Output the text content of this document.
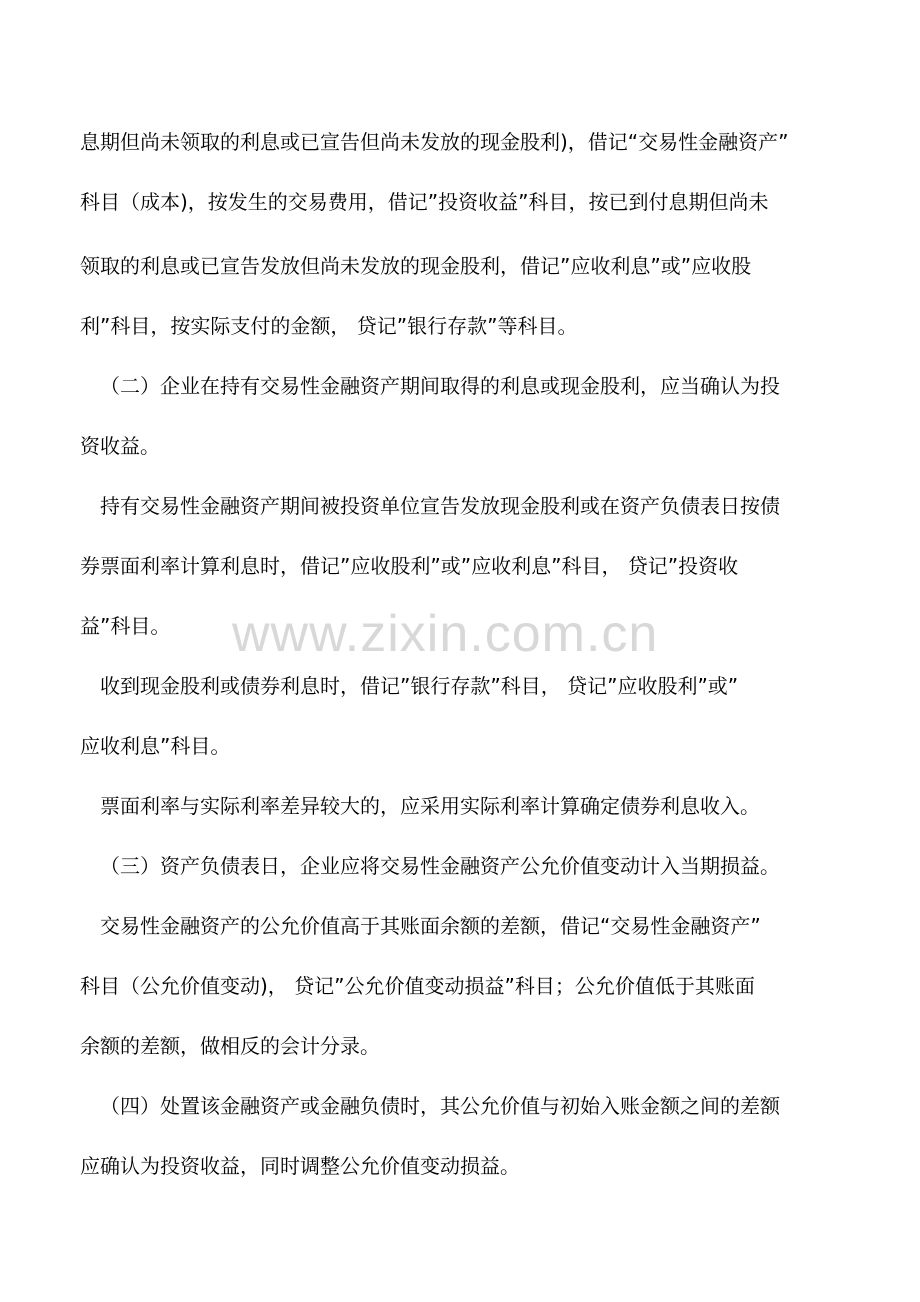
息期但尚未领取的利息或已宣告但尚未发放的现金股利)，借记“交易性金融资产”
科目（成本)，按发生的交易费用，借记”投资收益”科目，按已到付息期但尚未
领取的利息或已宣告发放但尚未发放的现金股利，借记”应收利息”或”应收股
利”科目，按实际支付的金额， 贷记”银行存款”等科目。
（二）企业在持有交易性金融资产期间取得的利息或现金股利，应当确认为投
资收益。
持有交易性金融资产期间被投资单位宣告发放现金股利或在资产负债表日按债
券票面利率计算利息时，借记”应收股利”或”应收利息”科目， 贷记”投资收
益”科目。
收到现金股利或债券利息时，借记”银行存款”科目， 贷记”应收股利”或”
应收利息”科目。
票面利率与实际利率差异较大的，应采用实际利率计算确定债券利息收入。
（三）资产负债表日，企业应将交易性金融资产公允价值变动计入当期损益。
交易性金融资产的公允价值高于其账面余额的差额，借记“交易性金融资产”
科目（公允价值变动)， 贷记”公允价值变动损益”科目；公允价值低于其账面
余额的差额，做相反的会计分录。
（四）处置该金融资产或金融负债时，其公允价值与初始入账金额之间的差额
应确认为投资收益，同时调整公允价值变动损益。
www.zixin.com.cn
